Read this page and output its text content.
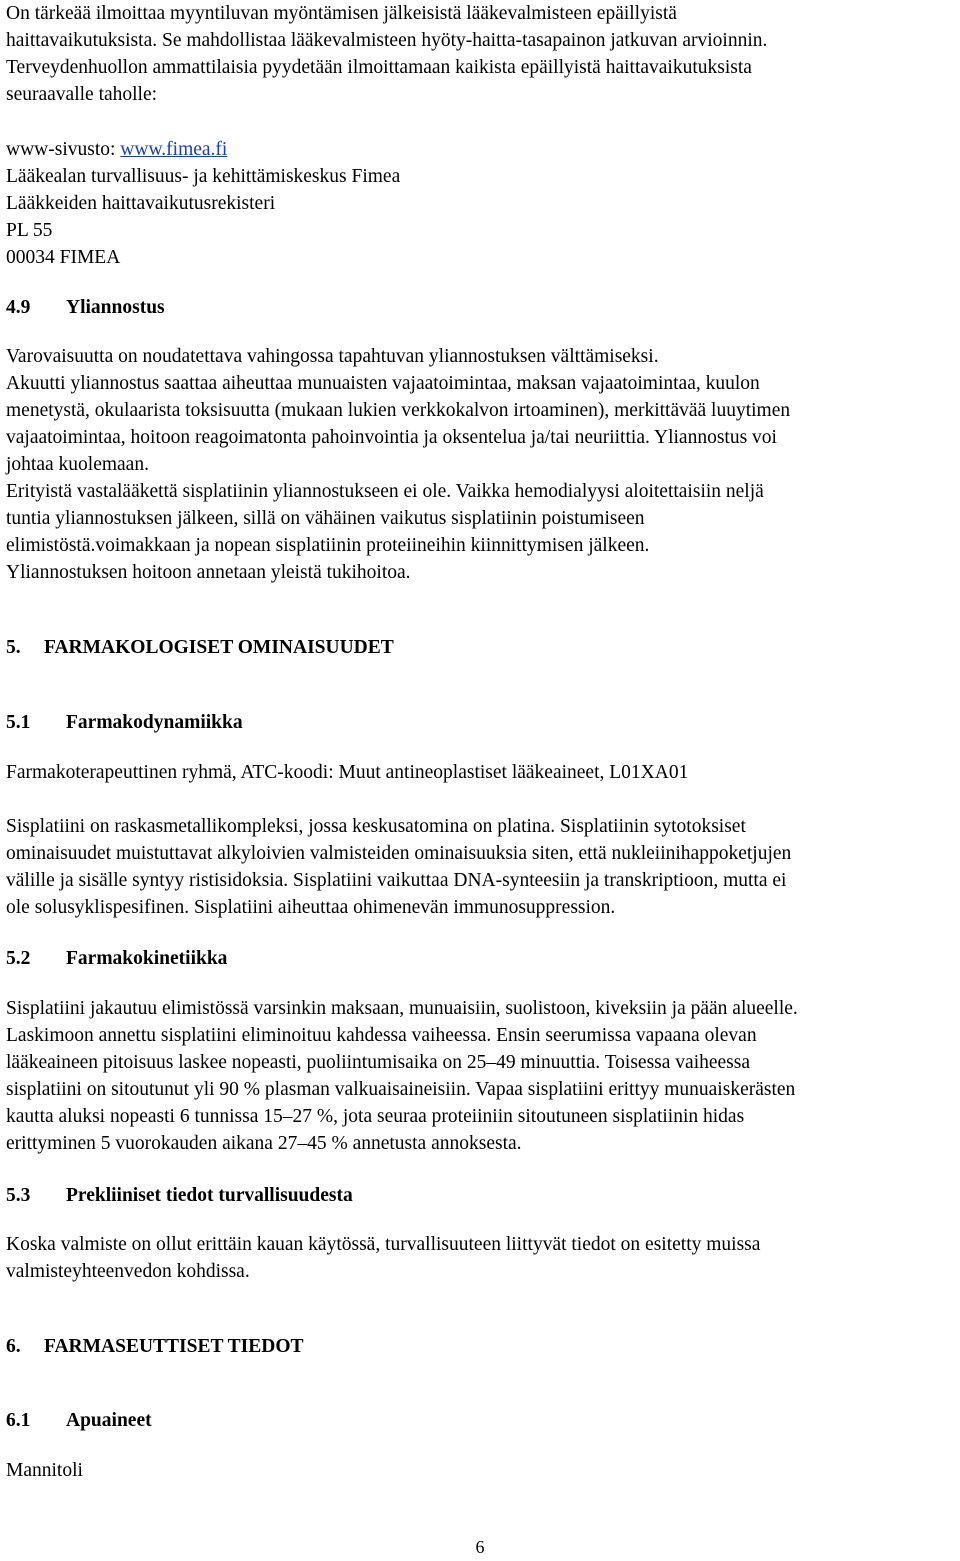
On tärkeää ilmoittaa myyntiluvan myöntämisen jälkeisistä lääkevalmisteen epäillyistä
haittavaikutuksista. Se mahdollistaa lääkevalmisteen hyöty-haitta-tasapainon jatkuvan arvioinnin.
Terveydenhuollon ammattilaisia pyydetään ilmoittamaan kaikista epäillyistä haittavaikutuksista
seuraavalle taholle:
www-sivusto: www.fimea.fi
Lääkealan turvallisuus- ja kehittämiskeskus Fimea
Lääkkeiden haittavaikutusrekisteri
PL 55
00034 FIMEA
4.9 Yliannostus
Varovaisuutta on noudatettava vahingossa tapahtuvan yliannostuksen välttämiseksi.
Akuutti yliannostus saattaa aiheuttaa munuaisten vajaatoimintaa, maksan vajaatoimintaa, kuulon
menetystä, okulaarista toksisuutta (mukaan lukien verkkokalvon irtoaminen), merkittävää luuytimen
vajaatoimintaa, hoitoon reagoimatonta pahoinvointia ja oksentelua ja/tai neuriittia. Yliannostus voi
johtaa kuolemaan.
Erityistä vastalääkettä sisplatiinin yliannostukseen ei ole. Vaikka hemodialyysi aloitettaisiin neljä
tuntia yliannostuksen jälkeen, sillä on vähäinen vaikutus sisplatiinin poistumiseen
elimistöstä.voimakkaan ja nopean sisplatiinin proteiineihin kiinnittymisen jälkeen.
Yliannostuksen hoitoon annetaan yleistä tukihoitoa.
5. FARMAKOLOGISET OMINAISUUDET
5.1 Farmakodynamiikka
Farmakoterapeuttinen ryhmä, ATC-koodi: Muut antineoplastiset lääkeaineet, L01XA01
Sisplatiini on raskasmetallikompleksi, jossa keskusatomina on platina. Sisplatiinin sytotoksiset
ominaisuudet muistuttavat alkyloivien valmisteiden ominaisuuksia siten, että nukleiinihappoketjujen
välille ja sisälle syntyy ristisidoksia. Sisplatiini vaikuttaa DNA-synteesiin ja transkriptioon, mutta ei
ole solusyklispesifinen. Sisplatiini aiheuttaa ohimenevän immunosuppression.
5.2 Farmakokinetiikka
Sisplatiini jakautuu elimistössä varsinkin maksaan, munuaisiin, suolistoon, kiveksiin ja pään alueelle.
Laskimoon annettu sisplatiini eliminoituu kahdessa vaiheessa. Ensin seerumissa vapaana olevan
lääkeaineen pitoisuus laskee nopeasti, puoliintumisaika on 25–49 minuuttia. Toisessa vaiheessa
sisplatiini on sitoutunut yli 90 % plasman valkuaisaineisiin. Vapaa sisplatiini erittyy munuaiskerästen
kautta aluksi nopeasti 6 tunnissa 15–27 %, jota seuraa proteiiniin sitoutuneen sisplatiinin hidas
erittyminen 5 vuorokauden aikana 27–45 % annetusta annoksesta.
5.3 Prekliiniset tiedot turvallisuudesta
Koska valmiste on ollut erittäin kauan käytössä, turvallisuuteen liittyvät tiedot on esitetty muissa
valmisteyhteenvedon kohdissa.
6. FARMASEUTTISET TIEDOT
6.1 Apuaineet
Mannitoli
6
